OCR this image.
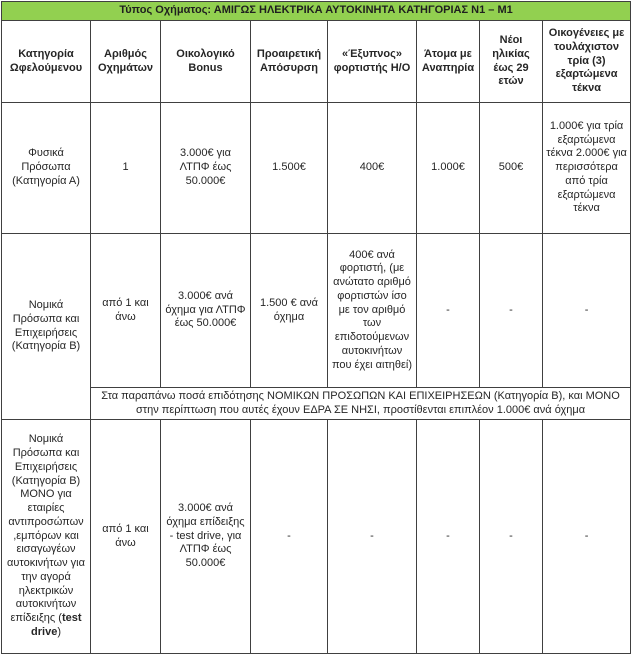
Τύπος Οχήματος: ΑΜΙΓΩΣ ΗΛΕΚΤΡΙΚΑ ΑΥΤΟΚΙΝΗΤΑ ΚΑΤΗΓΟΡΙΑΣ N1 – M1							
Κατηγορία Ωφελούμενου	Αριθμός Οχημάτων	Οικολογικό Bonus	Προαιρετική Απόσυρση	«Έξυπνος» φορτιστής Η/Ο	Άτομα με Αναπηρία	Νέοι ηλικίας έως 29 ετών	Οικογένειες με τουλάχιστον τρία (3) εξαρτώμενα τέκνα
Φυσικά Πρόσωπα (Κατηγορία Α)	1	3.000€ για ΛΤΠΦ έως 50.000€	1.500€	400€	1.000€	500€	1.000€ για τρία εξαρτώμενα τέκνα 2.000€ για περισσότερα από τρία εξαρτώμενα τέκνα
Νομικά Πρόσωπα και Επιχειρήσεις (Κατηγορία Β)	από 1 και άνω	3.000€ ανά όχημα για ΛΤΠΦ έως 50.000€	1.500 € ανά όχημα	400€ ανά φορτιστή, (με ανώτατο αριθμό φορτιστών ίσο με τον αριθμό των επιδοτούμενων αυτοκινήτων που έχει αιτηθεί)	-	-	-
	Στα παραπάνω ποσά επιδότησης ΝΟΜΙΚΩΝ ΠΡΟΣΩΠΩΝ ΚΑΙ ΕΠΙΧΕΙΡΗΣΕΩΝ (Κατηγορία Β), και ΜΟΝΟ στην περίπτωση που αυτές έχουν ΕΔΡΑ ΣΕ ΝΗΣΙ, προστίθενται επιπλέον 1.000€ ανά όχημα						
Νομικά Πρόσωπα και Επιχειρήσεις (Κατηγορία Β) ΜΟΝΟ για εταιρίες αντιπροσώπων ,εμπόρων και εισαγωγέων αυτοκινήτων για την αγορά ηλεκτρικών αυτοκινήτων επίδειξης (test drive)	από 1 και άνω	3.000€ ανά όχημα επίδειξης - test drive, για ΛΤΠΦ έως 50.000€	-	-	-	-	-
